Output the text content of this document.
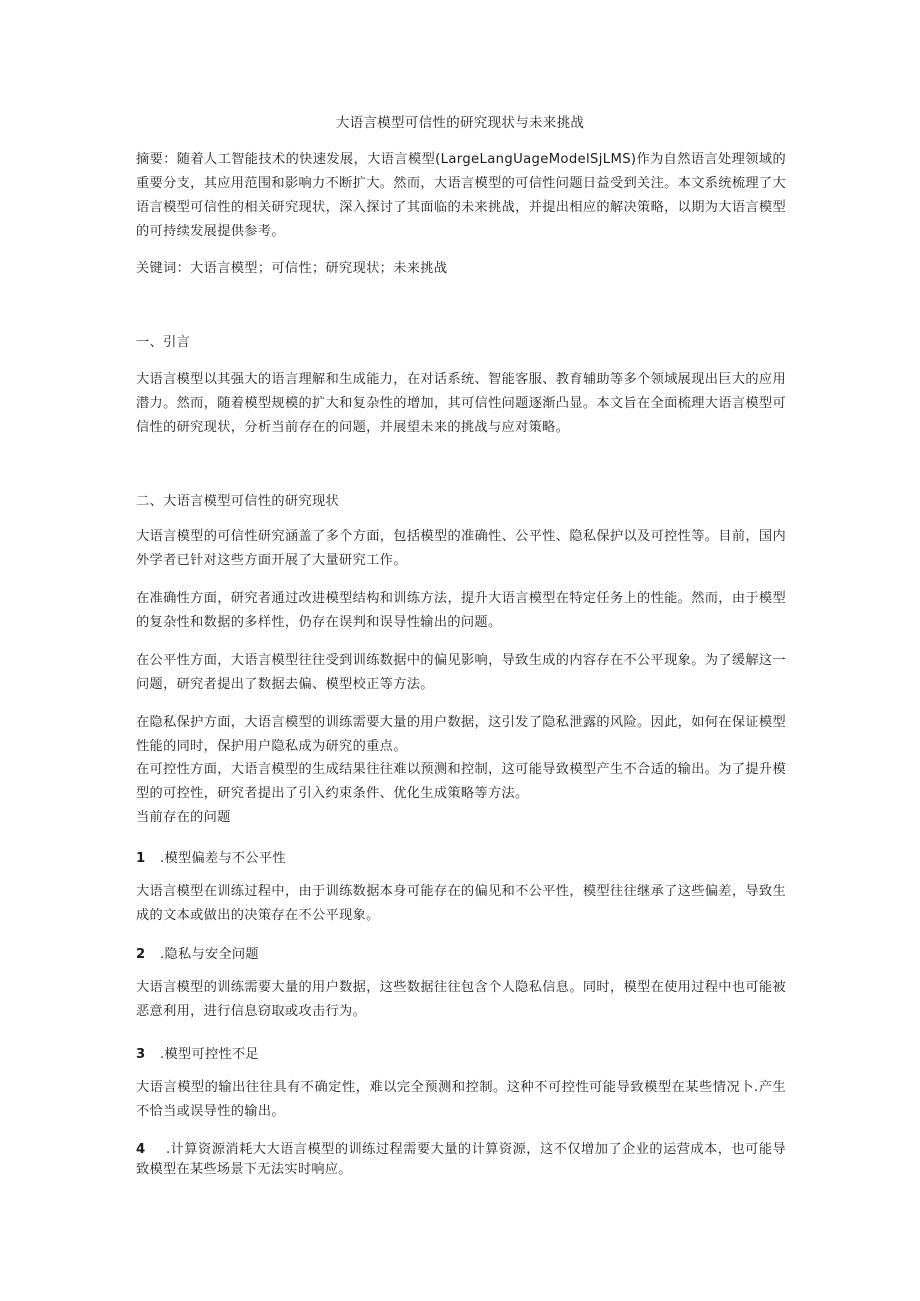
大语言模型可信性的研究现状与未来挑战

摘要：随着人工智能技术的快速发展，大语言模型(LargeLangUageModelSjLMS)作为自然语言处理领域的重要分支，其应用范围和影响力不断扩大。然而，大语言模型的可信性问题日益受到关注。本文系统梳理了大语言模型可信性的相关研究现状，深入探讨了其面临的未来挑战，并提出相应的解决策略，以期为大语言模型的可持续发展提供参考。

关键词：大语言模型；可信性；研究现状；未来挑战

一、引言

大语言模型以其强大的语言理解和生成能力，在对话系统、智能客服、教育辅助等多个领域展现出巨大的应用潜力。然而，随着模型规模的扩大和复杂性的增加，其可信性问题逐渐凸显。本文旨在全面梳理大语言模型可信性的研究现状，分析当前存在的问题，并展望未来的挑战与应对策略。

二、大语言模型可信性的研究现状

大语言模型的可信性研究涵盖了多个方面，包括模型的准确性、公平性、隐私保护以及可控性等。目前，国内外学者已针对这些方面开展了大量研究工作。

在准确性方面，研究者通过改进模型结构和训练方法，提升大语言模型在特定任务上的性能。然而，由于模型的复杂性和数据的多样性，仍存在误判和误导性输出的问题。

在公平性方面，大语言模型往往受到训练数据中的偏见影响，导致生成的内容存在不公平现象。为了缓解这一问题，研究者提出了数据去偏、模型校正等方法。

在隐私保护方面，大语言模型的训练需要大量的用户数据，这引发了隐私泄露的风险。因此，如何在保证模型性能的同时，保护用户隐私成为研究的重点。

在可控性方面，大语言模型的生成结果往往难以预测和控制，这可能导致模型产生不合适的输出。为了提升模型的可控性，研究者提出了引入约束条件、优化生成策略等方法。

当前存在的问题
1 .模型偏差与不公平性

大语言模型在训练过程中，由于训练数据本身可能存在的偏见和不公平性，模型往往继承了这些偏差，导致生成的文本或做出的决策存在不公平现象。

2 .隐私与安全问题

大语言模型的训练需要大量的用户数据，这些数据往往包含个人隐私信息。同时，模型在使用过程中也可能被恶意利用，进行信息窃取或攻击行为。

3 .模型可控性不足

大语言模型的输出往往具有不确定性，难以完全预测和控制。这种不可控性可能导致模型在某些情况卜.产生不恰当或误导性的输出。

4 .计算资源消耗大大语言模型的训练过程需要大量的计算资源，这不仅增加了企业的运营成本，也可能导致模型在某些场景下无法实时响应。
